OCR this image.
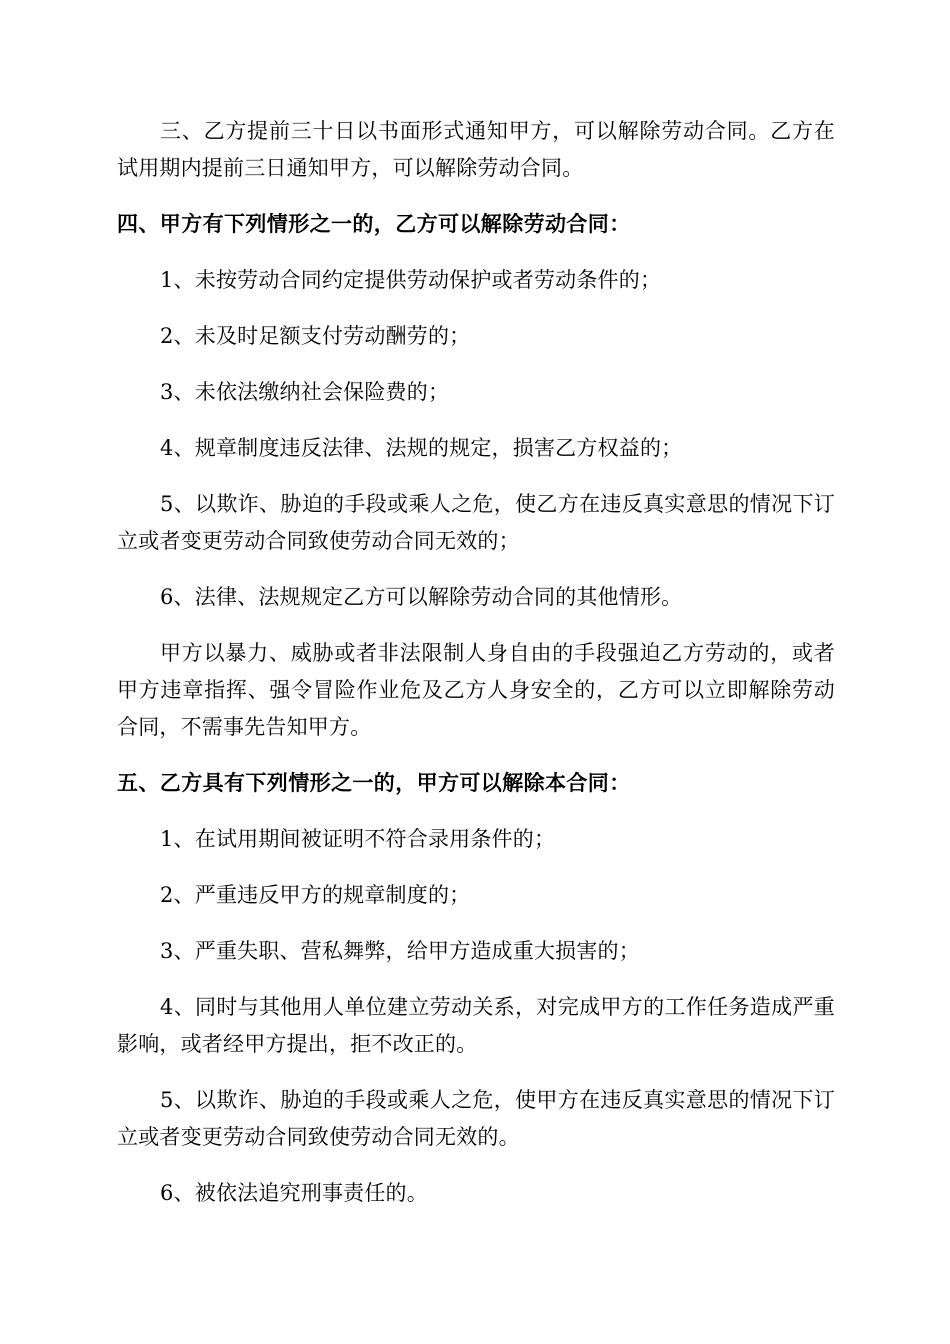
三、乙方提前三十日以书面形式通知甲方，可以解除劳动合同。乙方在试用期内提前三日通知甲方，可以解除劳动合同。

四、甲方有下列情形之一的，乙方可以解除劳动合同：

1、未按劳动合同约定提供劳动保护或者劳动条件的；

2、未及时足额支付劳动酬劳的；

3、未依法缴纳社会保险费的；

4、规章制度违反法律、法规的规定，损害乙方权益的；

5、以欺诈、胁迫的手段或乘人之危，使乙方在违反真实意思的情况下订立或者变更劳动合同致使劳动合同无效的；

6、法律、法规规定乙方可以解除劳动合同的其他情形。

甲方以暴力、威胁或者非法限制人身自由的手段强迫乙方劳动的，或者甲方违章指挥、强令冒险作业危及乙方人身安全的，乙方可以立即解除劳动合同，不需事先告知甲方。

五、乙方具有下列情形之一的，甲方可以解除本合同：

1、在试用期间被证明不符合录用条件的；

2、严重违反甲方的规章制度的；

3、严重失职、营私舞弊，给甲方造成重大损害的；

4、同时与其他用人单位建立劳动关系，对完成甲方的工作任务造成严重影响，或者经甲方提出，拒不改正的。

5、以欺诈、胁迫的手段或乘人之危，使甲方在违反真实意思的情况下订立或者变更劳动合同致使劳动合同无效的。

6、被依法追究刑事责任的。
